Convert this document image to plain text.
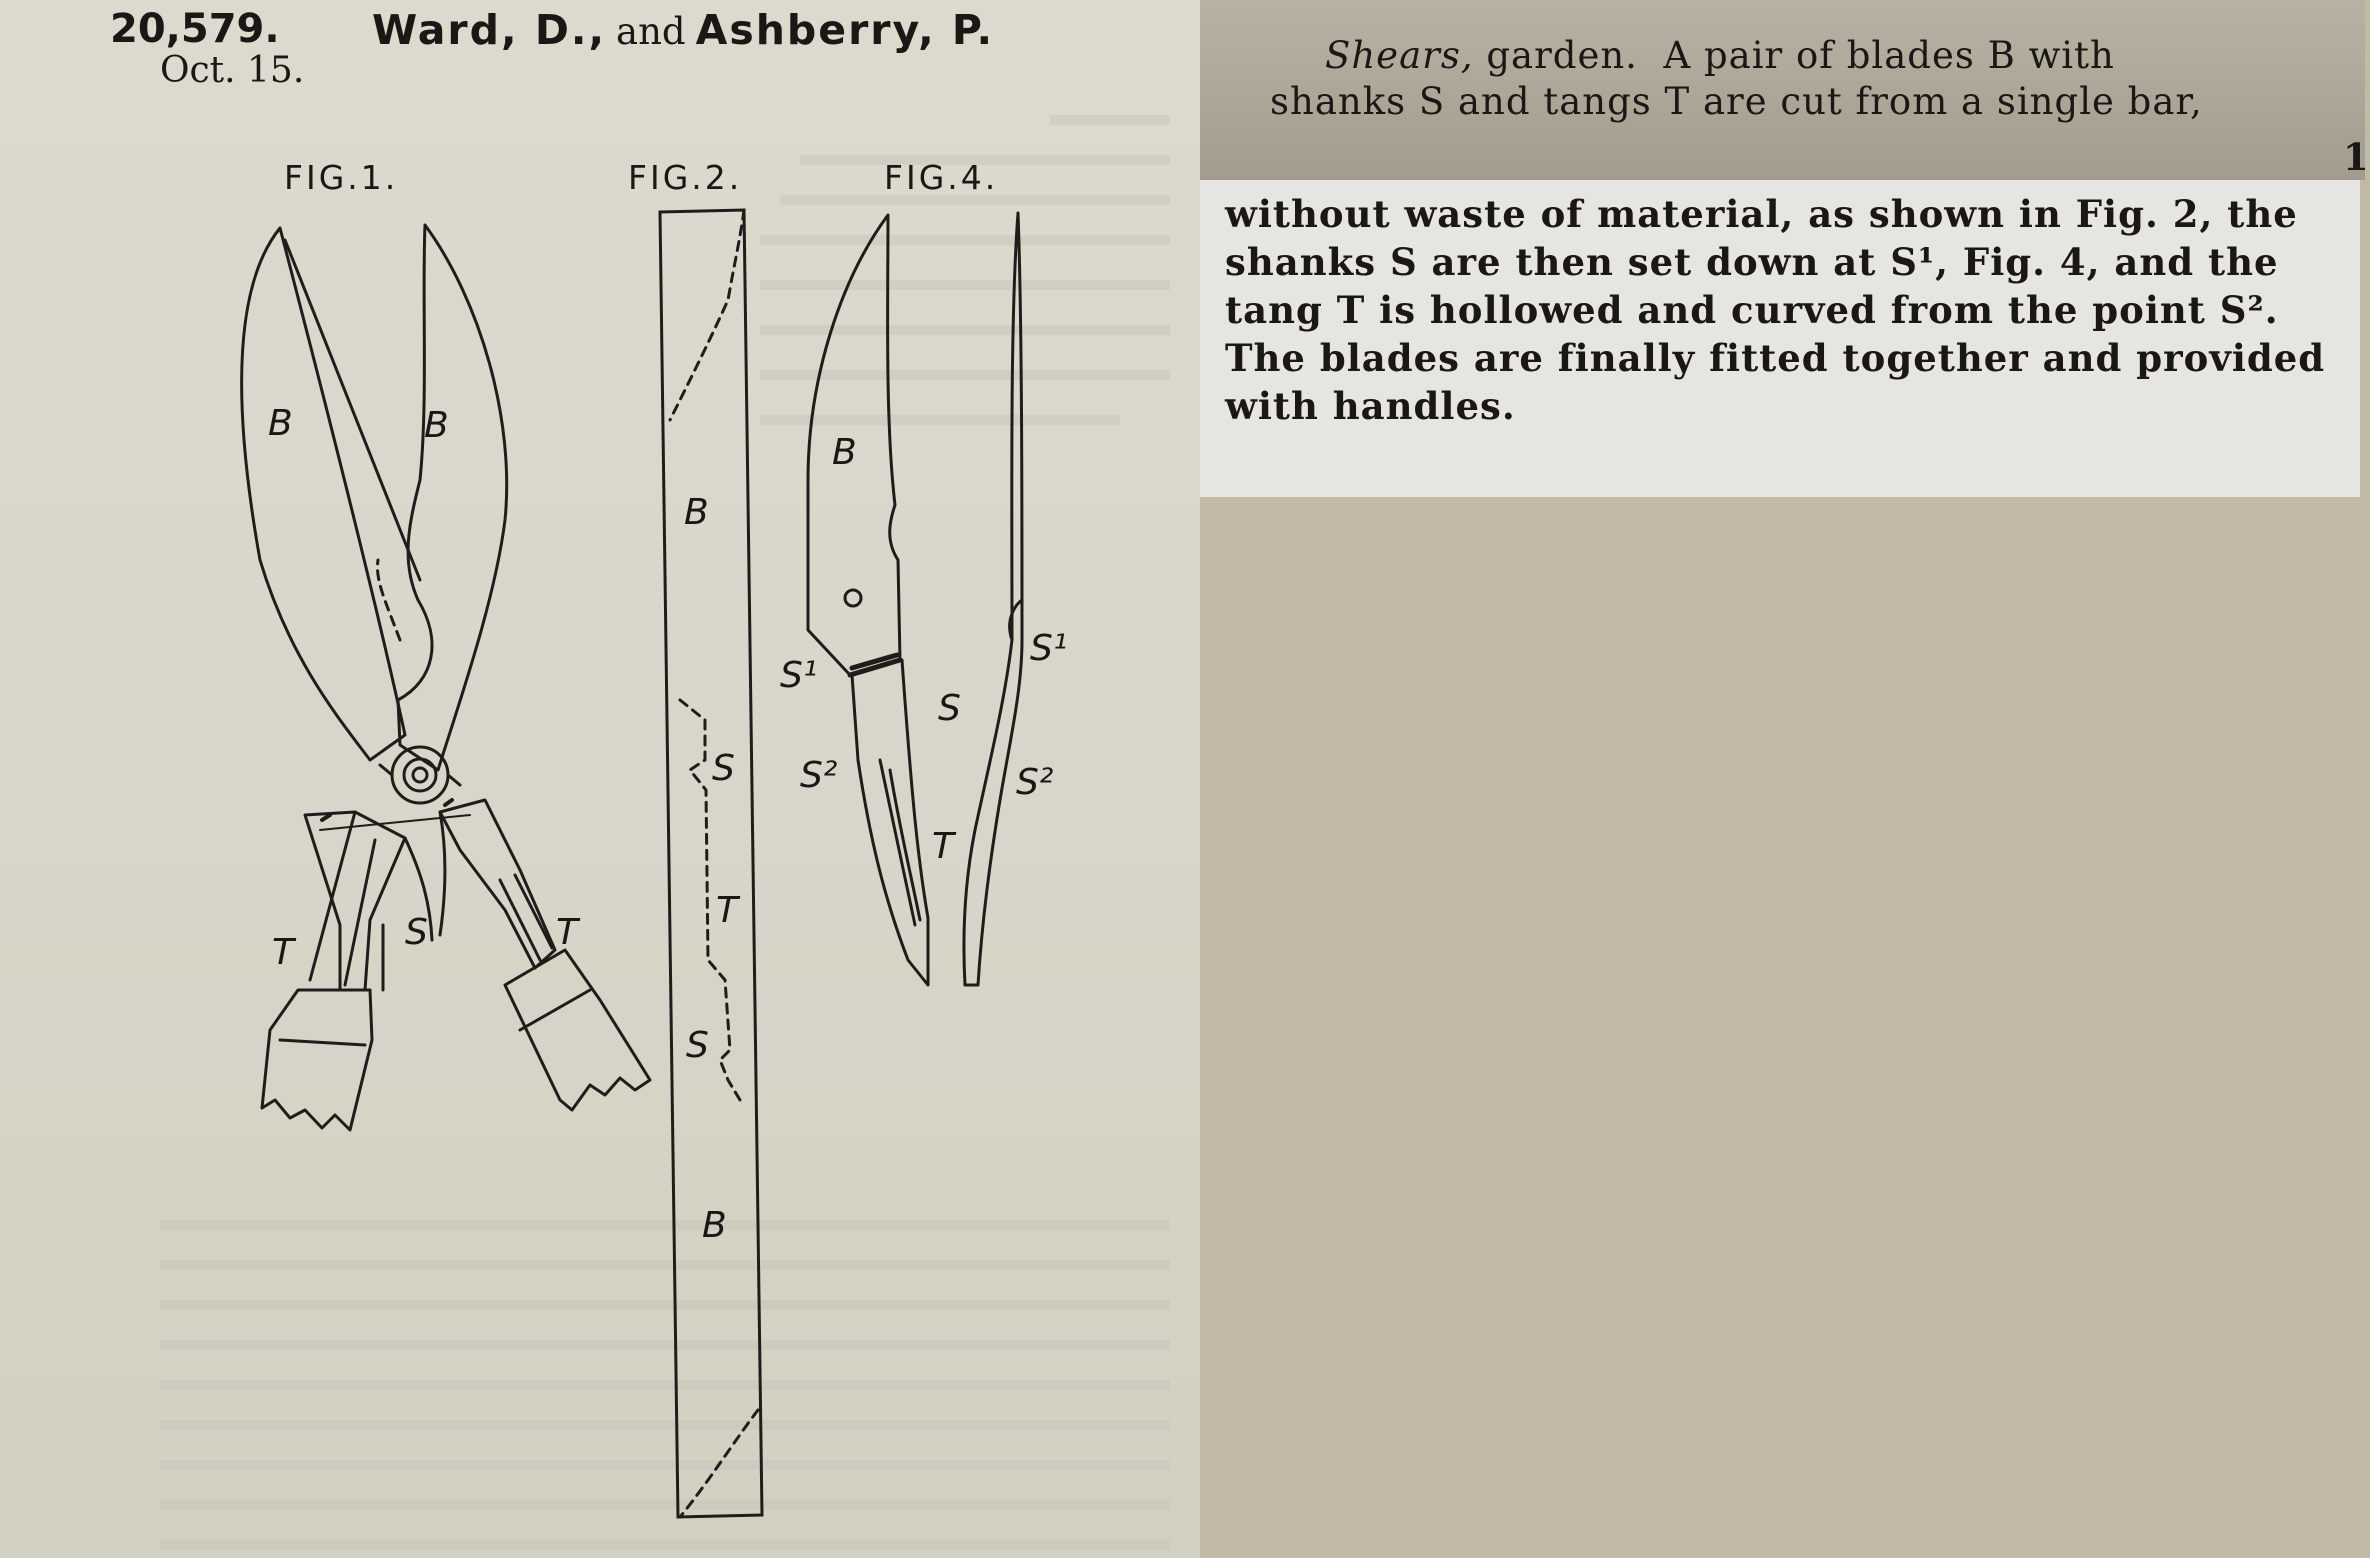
20,579.
Oct. 15.
Ward, D., and Ashberry, P.
FIG.1.	FIG.2.	FIG.4.
B	B
T	S	T
B
S
T
S
B
B
S¹
S
S²
T
S¹
S²
Shears, garden.  A pair of blades B with
shanks S and tangs T are cut from a single bar,
1
without waste of material, as shown in Fig. 2, the
shanks S are then set down at S¹, Fig. 4, and the
tang T is hollowed and curved from the point S².
The blades are finally fitted together and provided
with handles.
